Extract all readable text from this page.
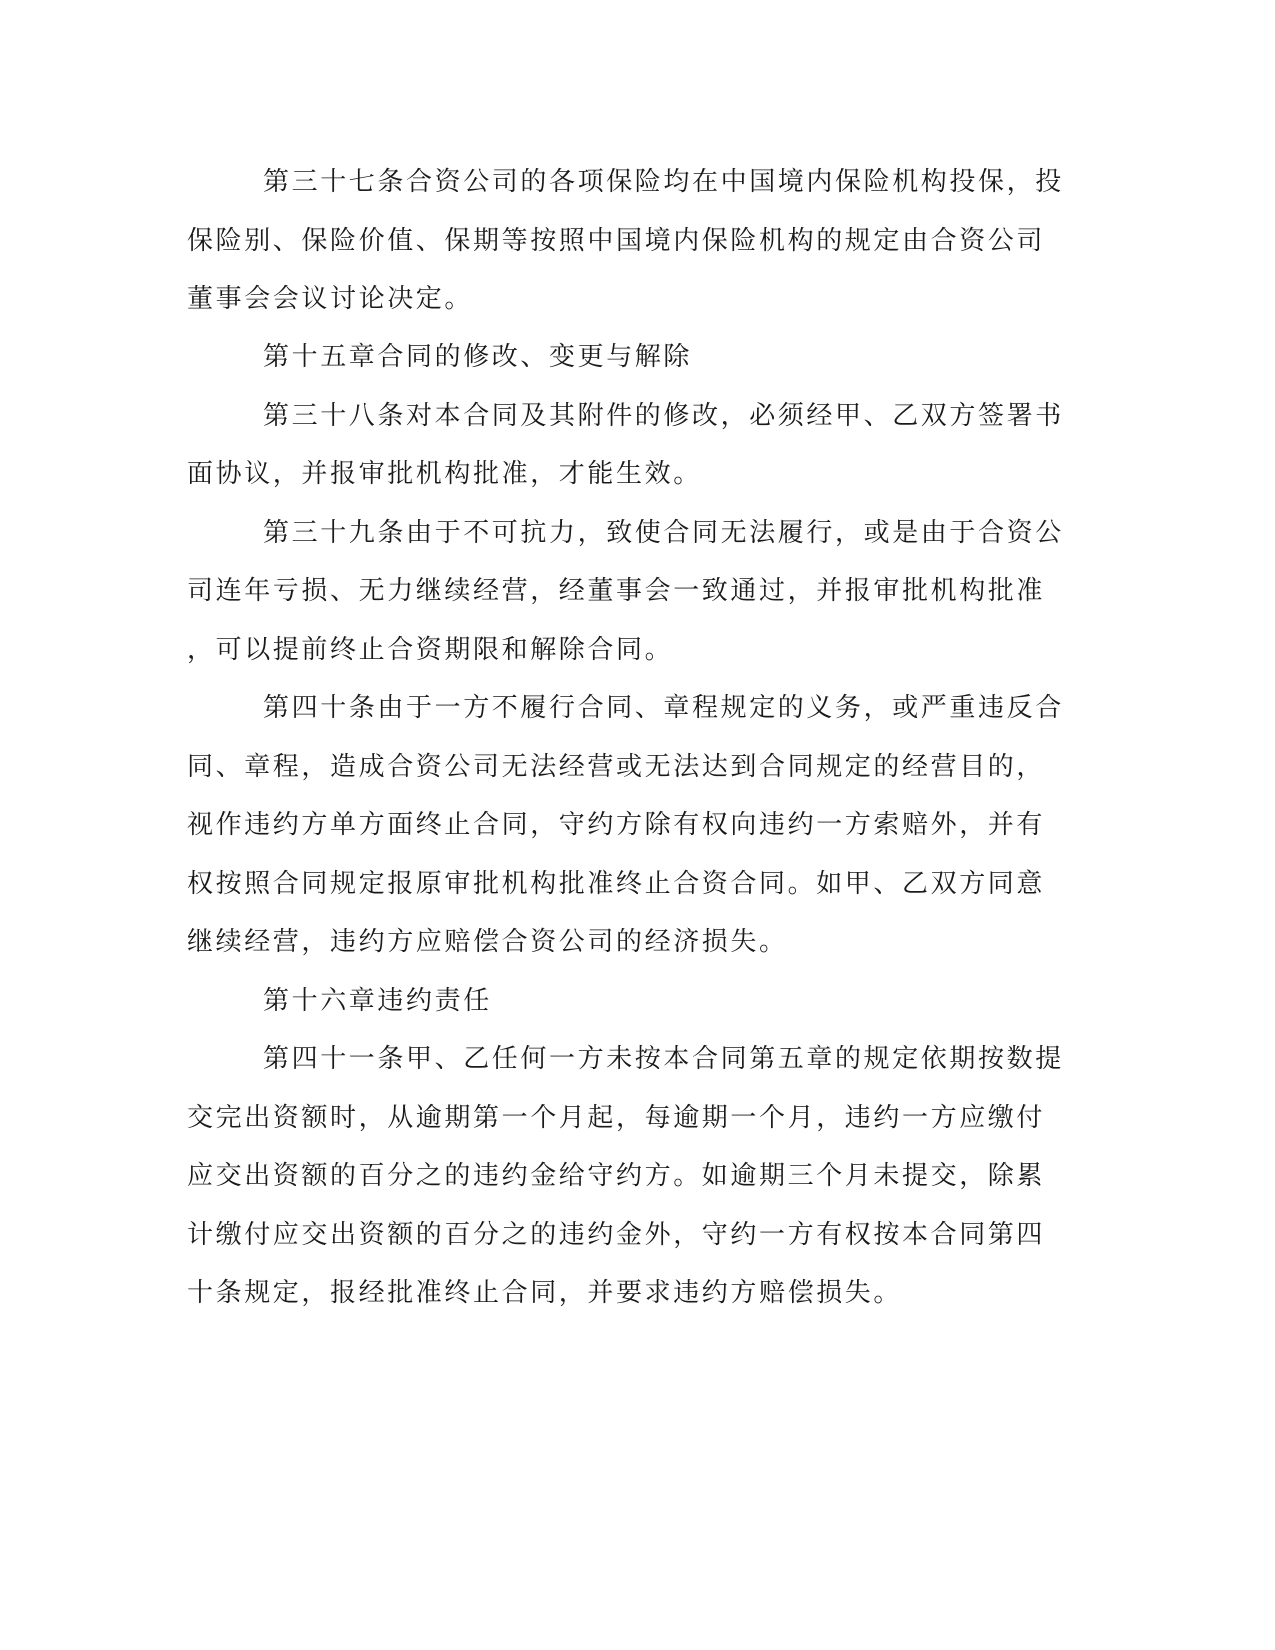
第三十七条合资公司的各项保险均在中国境内保险机构投保，投
保险别、保险价值、保期等按照中国境内保险机构的规定由合资公司
董事会会议讨论决定。
第十五章合同的修改、变更与解除
第三十八条对本合同及其附件的修改，必须经甲、乙双方签署书
面协议，并报审批机构批准，才能生效。
第三十九条由于不可抗力，致使合同无法履行，或是由于合资公
司连年亏损、无力继续经营，经董事会一致通过，并报审批机构批准
，可以提前终止合资期限和解除合同。
第四十条由于一方不履行合同、章程规定的义务，或严重违反合
同、章程，造成合资公司无法经营或无法达到合同规定的经营目的，
视作违约方单方面终止合同，守约方除有权向违约一方索赔外，并有
权按照合同规定报原审批机构批准终止合资合同。如甲、乙双方同意
继续经营，违约方应赔偿合资公司的经济损失。
第十六章违约责任
第四十一条甲、乙任何一方未按本合同第五章的规定依期按数提
交完出资额时，从逾期第一个月起，每逾期一个月，违约一方应缴付
应交出资额的百分之的违约金给守约方。如逾期三个月未提交，除累
计缴付应交出资额的百分之的违约金外，守约一方有权按本合同第四
十条规定，报经批准终止合同，并要求违约方赔偿损失。
